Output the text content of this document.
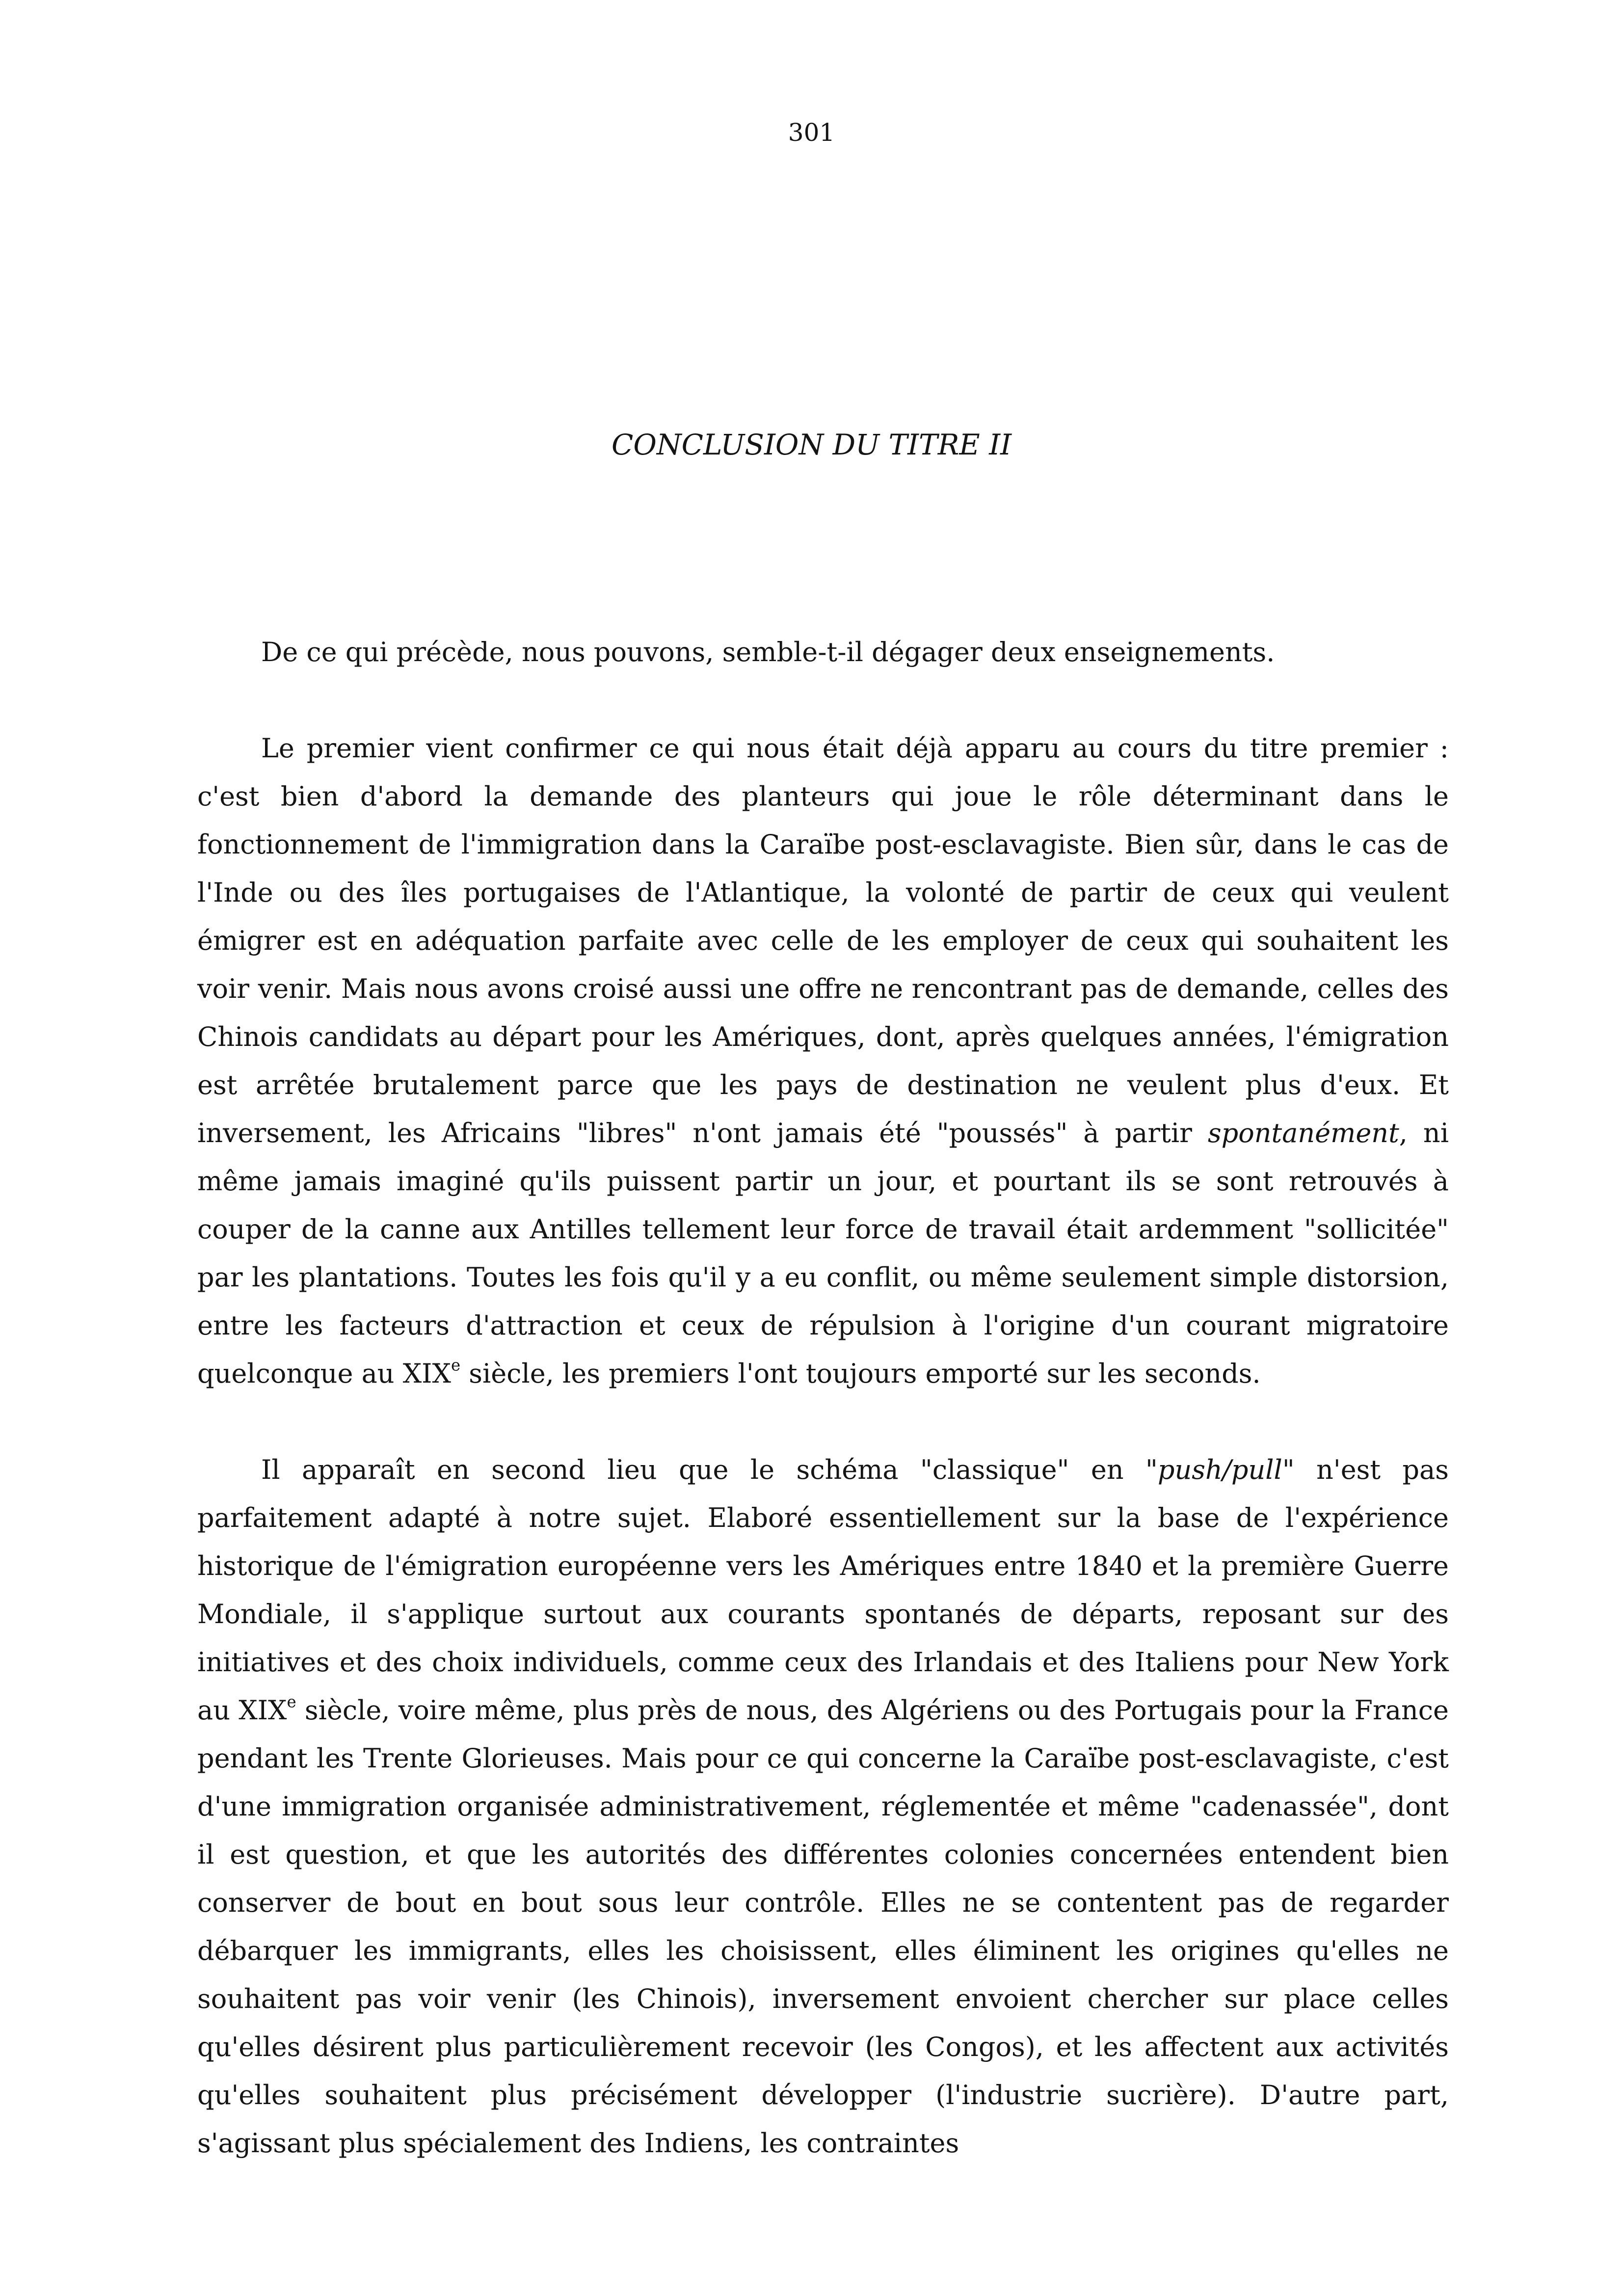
301
CONCLUSION DU TITRE II

De ce qui précède, nous pouvons, semble-t-il dégager deux enseignements.

Le premier vient confirmer ce qui nous était déjà apparu au cours du titre premier : c'est bien d'abord la demande des planteurs qui joue le rôle déterminant dans le fonctionnement de l'immigration dans la Caraïbe post-esclavagiste. Bien sûr, dans le cas de l'Inde ou des îles portugaises de l'Atlantique, la volonté de partir de ceux qui veulent émigrer est en adéquation parfaite avec celle de les employer de ceux qui souhaitent les voir venir. Mais nous avons croisé aussi une offre ne rencontrant pas de demande, celles des Chinois candidats au départ pour les Amériques, dont, après quelques années, l'émigration est arrêtée brutalement parce que les pays de destination ne veulent plus d'eux. Et inversement, les Africains "libres" n'ont jamais été "poussés" à partir spontanément, ni même jamais imaginé qu'ils puissent partir un jour, et pourtant ils se sont retrouvés à couper de la canne aux Antilles tellement leur force de travail était ardemment "sollicitée" par les plantations. Toutes les fois qu'il y a eu conflit, ou même seulement simple distorsion, entre les facteurs d'attraction et ceux de répulsion à l'origine d'un courant migratoire quelconque au XIXe siècle, les premiers l'ont toujours emporté sur les seconds.

Il apparaît en second lieu que le schéma "classique" en "push/pull" n'est pas parfaitement adapté à notre sujet. Elaboré essentiellement sur la base de l'expérience historique de l'émigration européenne vers les Amériques entre 1840 et la première Guerre Mondiale, il s'applique surtout aux courants spontanés de départs, reposant sur des initiatives et des choix individuels, comme ceux des Irlandais et des Italiens pour New York au XIXe siècle, voire même, plus près de nous, des Algériens ou des Portugais pour la France pendant les Trente Glorieuses. Mais pour ce qui concerne la Caraïbe post-esclavagiste, c'est d'une immigration organisée administrativement, réglementée et même "cadenassée", dont il est question, et que les autorités des différentes colonies concernées entendent bien conserver de bout en bout sous leur contrôle. Elles ne se contentent pas de regarder débarquer les immigrants, elles les choisissent, elles éliminent les origines qu'elles ne souhaitent pas voir venir (les Chinois), inversement envoient chercher sur place celles qu'elles désirent plus particulièrement recevoir (les Congos), et les affectent aux activités qu'elles souhaitent plus précisément développer (l'industrie sucrière). D'autre part, s'agissant plus spécialement des Indiens, les contraintes
